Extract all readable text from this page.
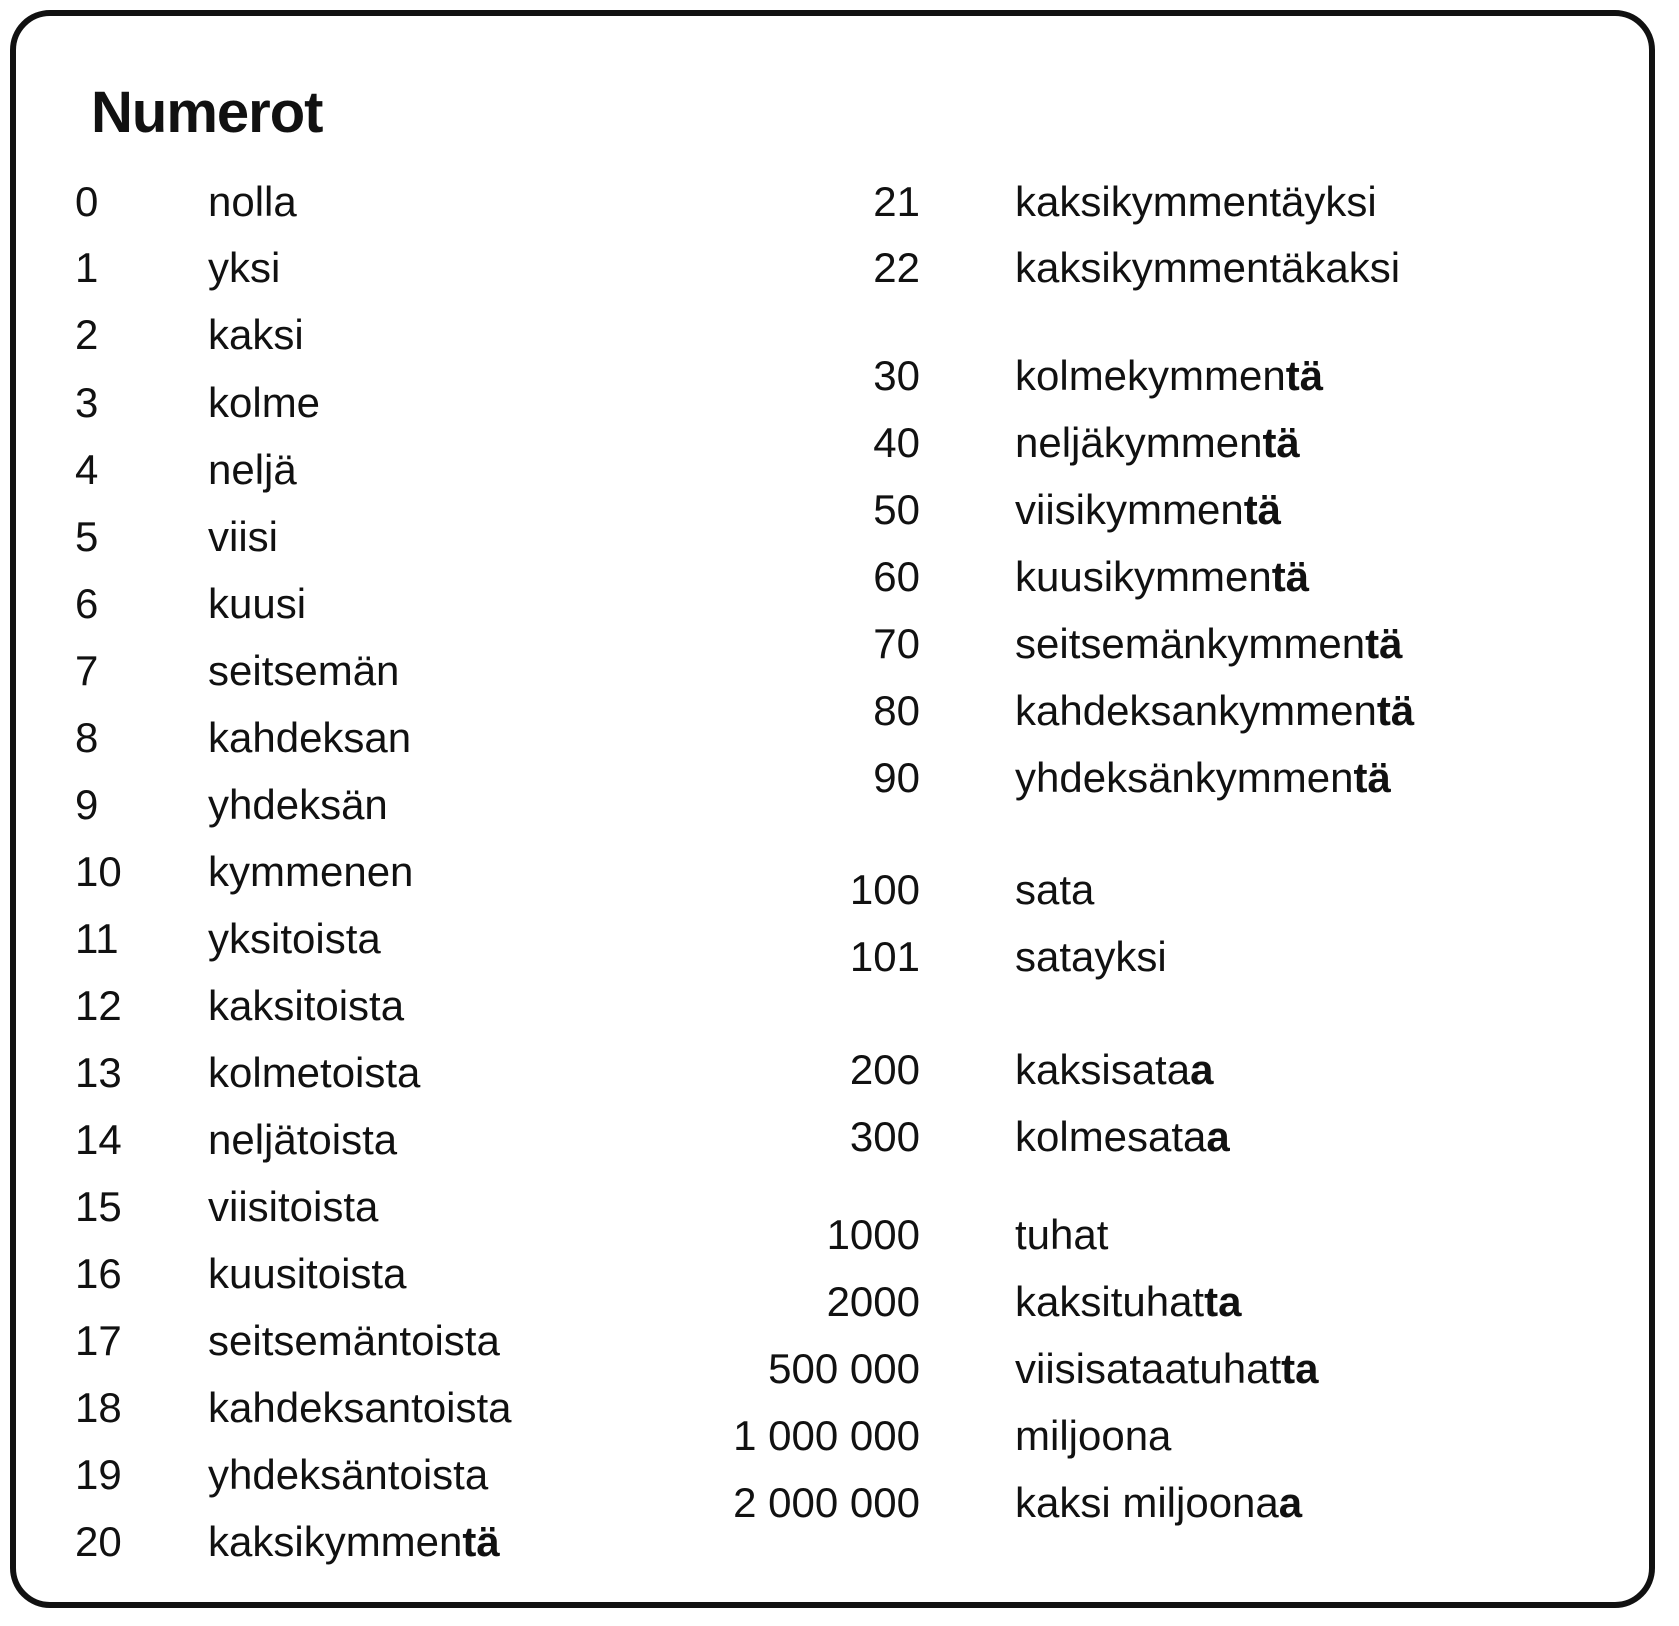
Numerot
0	nolla
1	yksi
2	kaksi
3	kolme
4	neljä
5	viisi
6	kuusi
7	seitsemän
8	kahdeksan
9	yhdeksän
10	kymmenen
11	yksitoista
12	kaksitoista
13	kolmetoista
14	neljätoista
15	viisitoista
16	kuusitoista
17	seitsemäntoista
18	kahdeksantoista
19	yhdeksäntoista
20	kaksikymmentä
21 kaksikymmentäyksi
22 kaksikymmentäkaksi
30 kolmekymmentä
40 neljäkymmentä
50 viisikymmentä
60 kuusikymmentä
70 seitsemänkymmentä
80 kahdeksankymmentä
90 yhdeksänkymmentä
100 sata
101 satayksi
200 kaksisataa
300 kolmesataa
1000 tuhat
2000 kaksituhatta
500 000 viisisataatuhatta
1 000 000 miljoona
2 000 000 kaksi miljoonaa
